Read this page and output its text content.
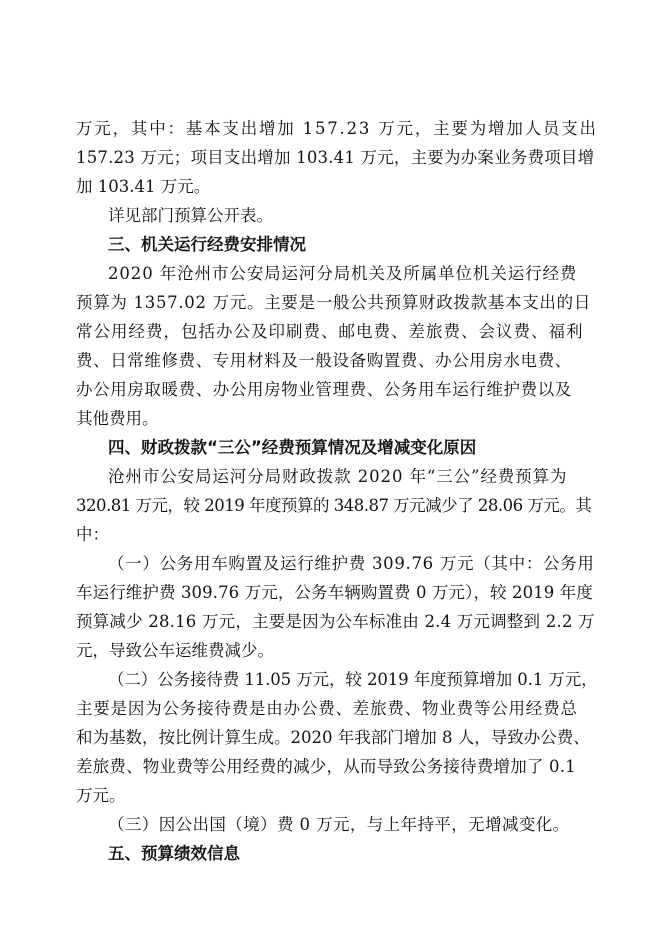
万元，其中：基本支出增加 157.23 万元，主要为增加人员支出
157.23 万元；项目支出增加 103.41 万元，主要为办案业务费项目增
加 103.41 万元。
详见部门预算公开表。
三、机关运行经费安排情况
2020 年沧州市公安局运河分局机关及所属单位机关运行经费
预算为 1357.02 万元。主要是一般公共预算财政拨款基本支出的日
常公用经费，包括办公及印刷费、邮电费、差旅费、会议费、福利
费、日常维修费、专用材料及一般设备购置费、办公用房水电费、
办公用房取暖费、办公用房物业管理费、公务用车运行维护费以及
其他费用。
四、财政拨款“三公”经费预算情况及增减变化原因
沧州市公安局运河分局财政拨款 2020 年“三公”经费预算为
320.81 万元，较 2019 年度预算的 348.87 万元减少了 28.06 万元。其
中：
（一）公务用车购置及运行维护费 309.76 万元（其中：公务用
车运行维护费 309.76 万元，公务车辆购置费 0 万元），较 2019 年度
预算减少 28.16 万元，主要是因为公车标准由 2.4 万元调整到 2.2 万
元，导致公车运维费减少。
（二）公务接待费 11.05 万元，较 2019 年度预算增加 0.1 万元，
主要是因为公务接待费是由办公费、差旅费、物业费等公用经费总
和为基数，按比例计算生成。2020 年我部门增加 8 人，导致办公费、
差旅费、物业费等公用经费的减少，从而导致公务接待费增加了 0.1
万元。
（三）因公出国（境）费 0 万元，与上年持平，无增减变化。
五、预算绩效信息
